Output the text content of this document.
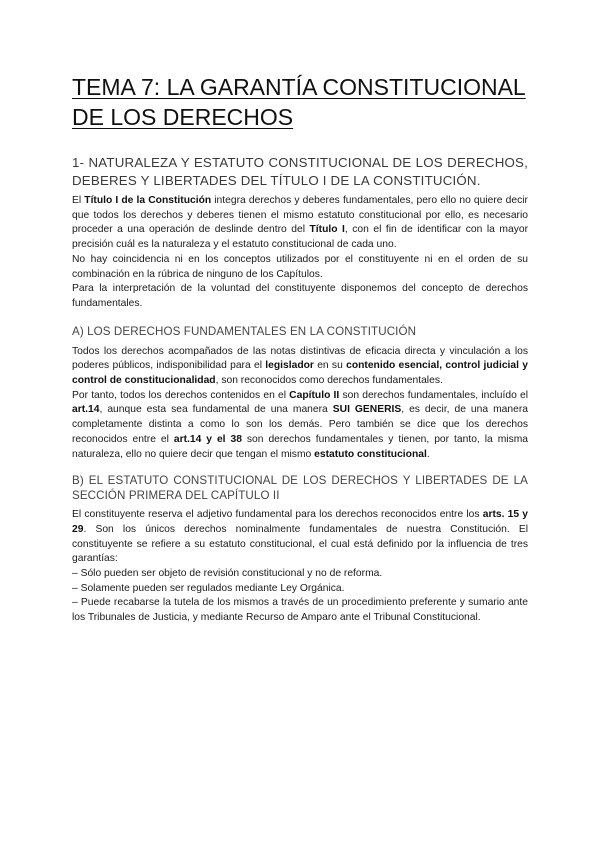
TEMA 7: LA GARANTÍA CONSTITUCIONAL DE LOS DERECHOS
1- NATURALEZA Y ESTATUTO CONSTITUCIONAL DE LOS DERECHOS, DEBERES Y LIBERTADES DEL TÍTULO I DE LA CONSTITUCIÓN.

El Título I de la Constitución integra derechos y deberes fundamentales, pero ello no quiere decir que todos los derechos y deberes tienen el mismo estatuto constitucional por ello, es necesario proceder a una operación de deslinde dentro del Título I, con el fin de identificar con la mayor precisión cuál es la naturaleza y el estatuto constitucional de cada uno.

No hay coincidencia ni en los conceptos utilizados por el constituyente ni en el orden de su combinación en la rúbrica de ninguno de los Capítulos.

Para la interpretación de la voluntad del constituyente disponemos del concepto de derechos fundamentales.

A) LOS DERECHOS FUNDAMENTALES EN LA CONSTITUCIÓN

Todos los derechos acompañados de las notas distintivas de eficacia directa y vinculación a los poderes públicos, indisponibilidad para el legislador en su contenido esencial, control judicial y control de constitucionalidad, son reconocidos como derechos fundamentales.

Por tanto, todos los derechos contenidos en el Capítulo II son derechos fundamentales, incluído el art.14, aunque esta sea fundamental de una manera SUI GENERIS, es decir, de una manera completamente distinta a como lo son los demás. Pero también se dice que los derechos reconocidos entre el art.14 y el 38 son derechos fundamentales y tienen, por tanto, la misma naturaleza, ello no quiere decir que tengan el mismo estatuto constitucional.

B) EL ESTATUTO CONSTITUCIONAL DE LOS DERECHOS Y LIBERTADES DE LA SECCIÓN PRIMERA DEL CAPÍTULO II

El constituyente reserva el adjetivo fundamental para los derechos reconocidos entre los arts. 15 y 29. Son los únicos derechos nominalmente fundamentales de nuestra Constitución. El constituyente se refiere a su estatuto constitucional, el cual está definido por la influencia de tres garantías:

– Sólo pueden ser objeto de revisión constitucional y no de reforma.

– Solamente pueden ser regulados mediante Ley Orgánica.

– Puede recabarse la tutela de los mismos a través de un procedimiento preferente y sumario ante los Tribunales de Justicia, y mediante Recurso de Amparo ante el Tribunal Constitucional.
